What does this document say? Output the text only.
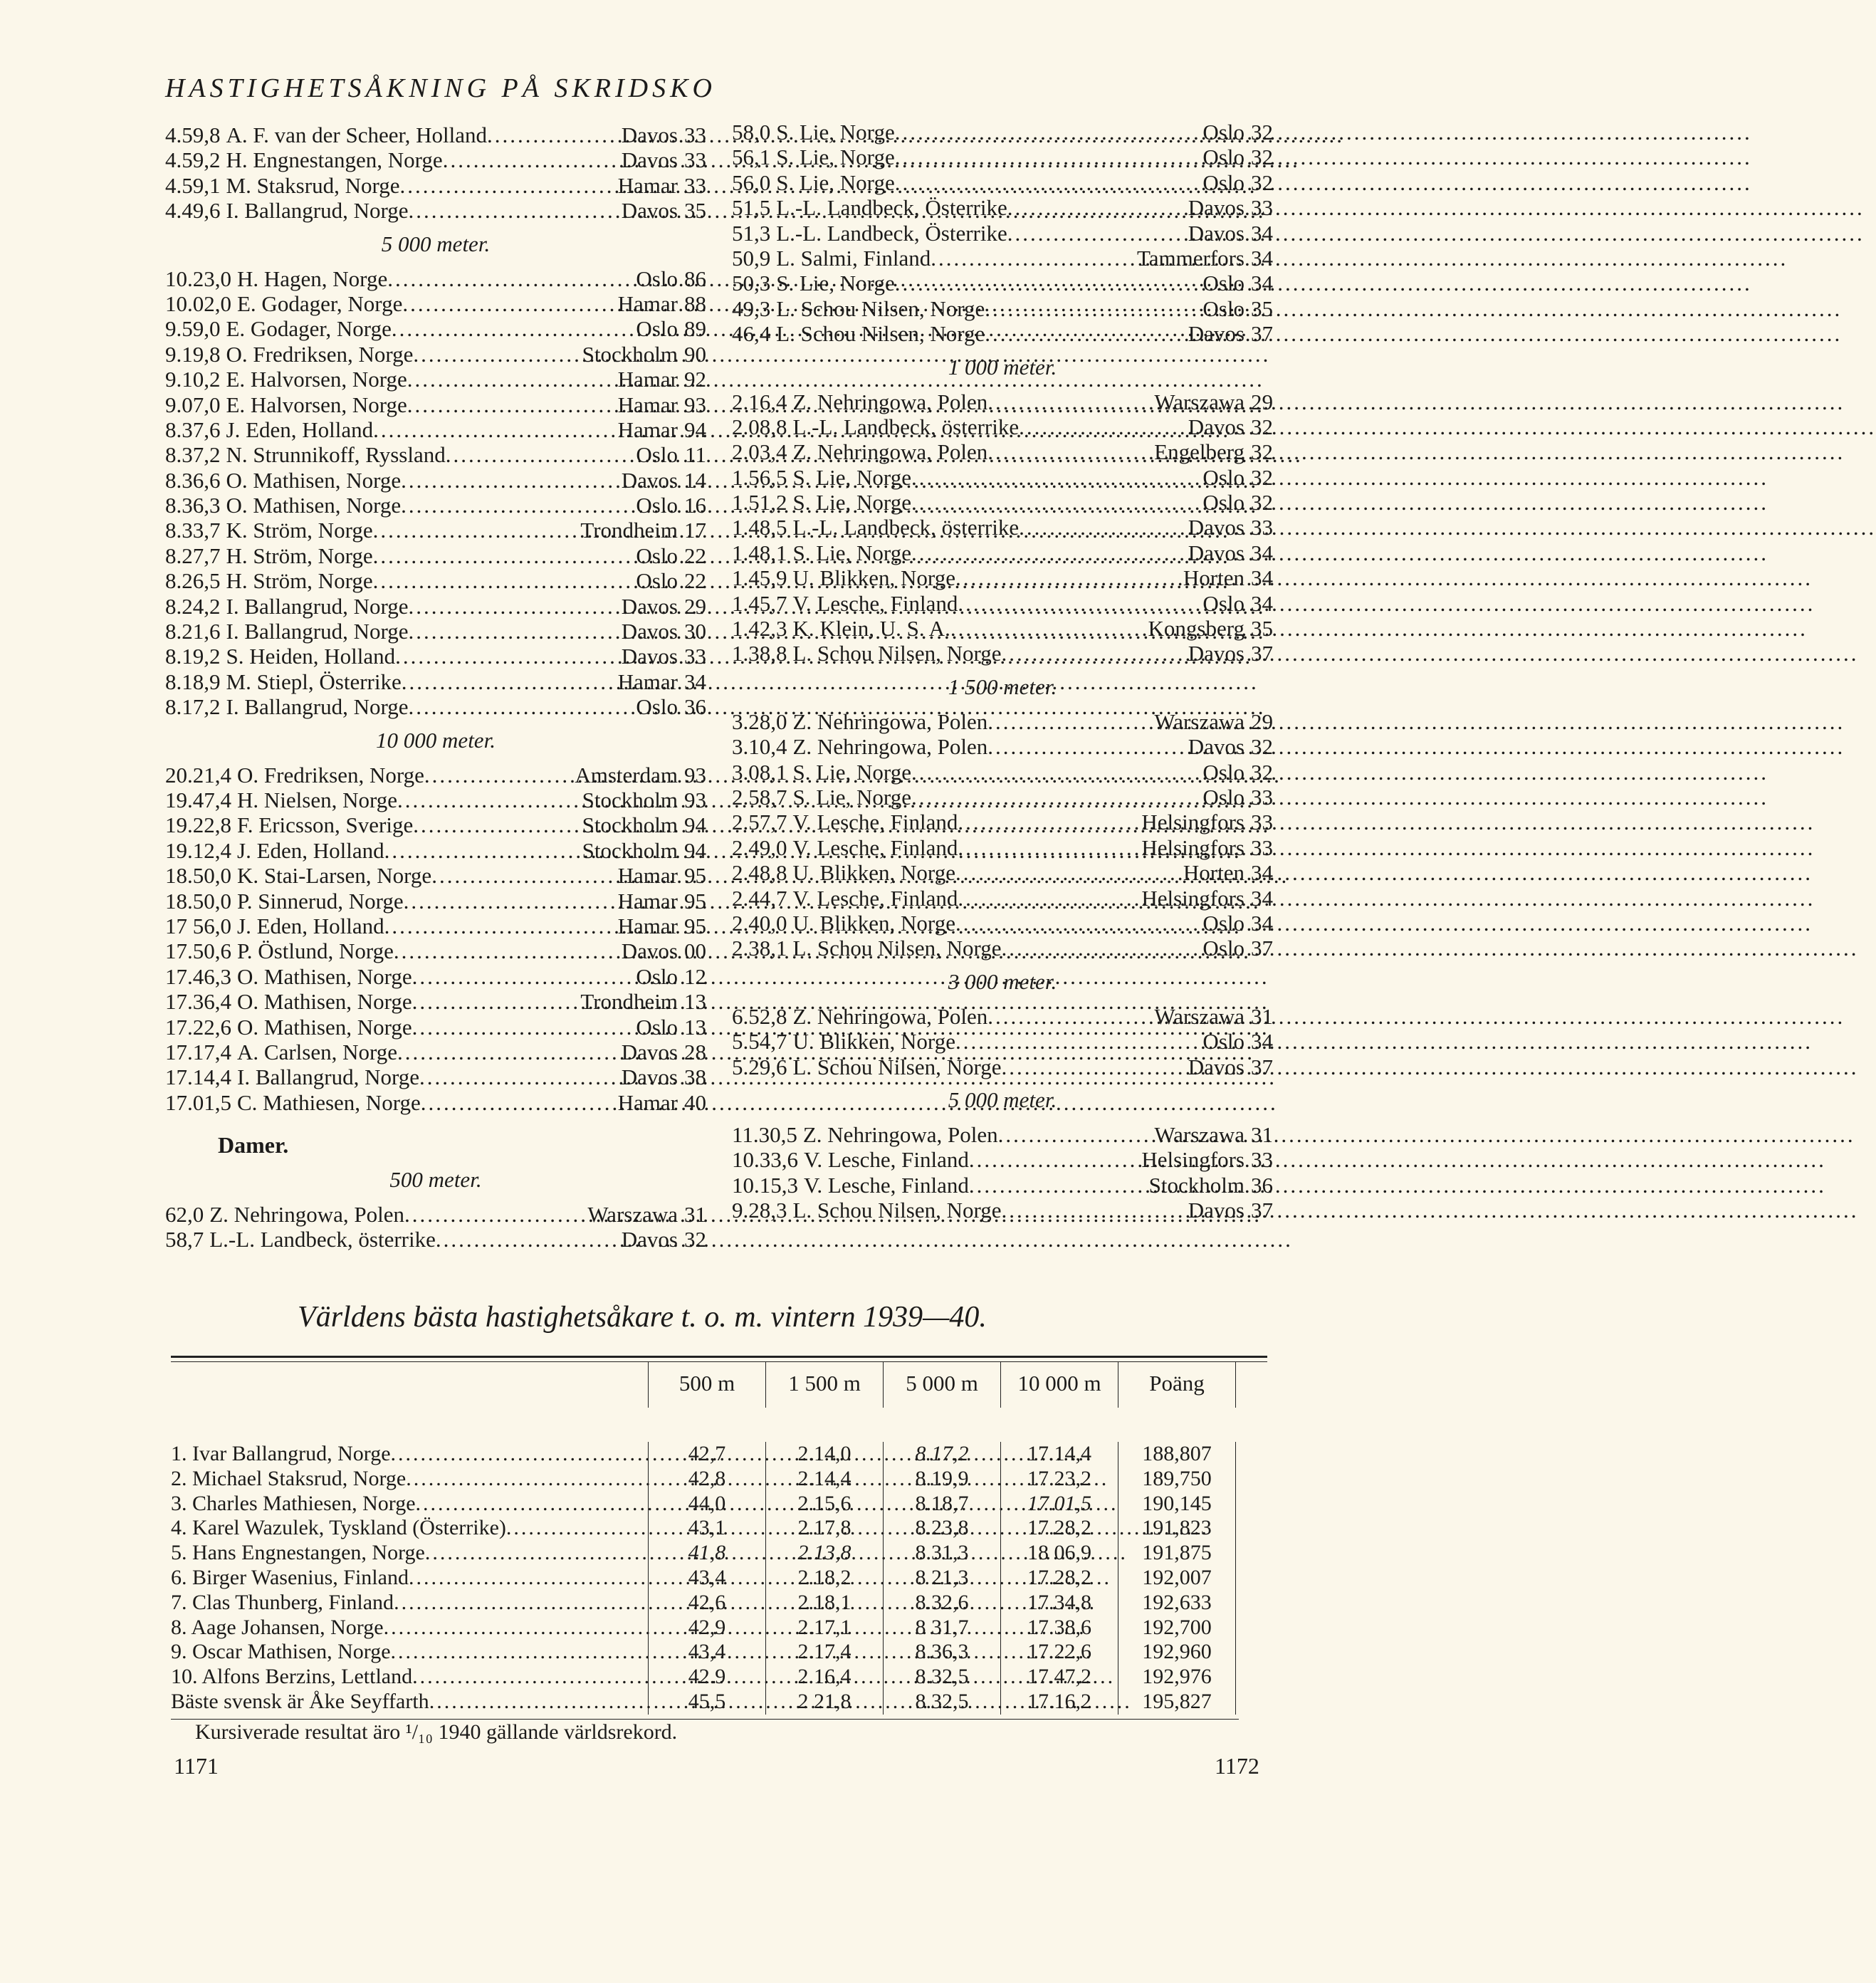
HASTIGHETSÅKNING PÅ SKRIDSKO
4.59,8 A. F. van der Scheer, Holland .....	Davos 33
4.59,2 H. Engnestangen, Norge .....	Davos 33
4.59,1 M. Staksrud, Norge .....	Hamar 33
4.49,6 I. Ballangrud, Norge .....	Davos 35
5 000 meter.
10.23,0 H. Hagen, Norge .....	Oslo 86
10.02,0 E. Godager, Norge .....	Hamar 88
9.59,0 E. Godager, Norge .....	Oslo 89
9.19,8 O. Fredriksen, Norge .....	Stockholm 90
9.10,2 E. Halvorsen, Norge .....	Hamar 92
9.07,0 E. Halvorsen, Norge .....	Hamar 93
8.37,6 J. Eden, Holland .....	Hamar 94
8.37,2 N. Strunnikoff, Ryssland .....	Oslo 11
8.36,6 O. Mathisen, Norge .....	Davos 14
8.36,3 O. Mathisen, Norge .....	Oslo 16
8.33,7 K. Ström, Norge .....	Trondheim 17
8.27,7 H. Ström, Norge .....	Oslo 22
8.26,5 H. Ström, Norge .....	Oslo 22
8.24,2 I. Ballangrud, Norge .....	Davos 29
8.21,6 I. Ballangrud, Norge .....	Davos 30
8.19,2 S. Heiden, Holland .....	Davos 33
8.18,9 M. Stiepl, Österrike .....	Hamar 34
8.17,2 I. Ballangrud, Norge .....	Oslo 36
10 000 meter.
20.21,4 O. Fredriksen, Norge .....	Amsterdam 93
19.47,4 H. Nielsen, Norge .....	Stockholm 93
19.22,8 F. Ericsson, Sverige .....	Stockholm 94
19.12,4 J. Eden, Holland .....	Stockholm 94
18.50,0 K. Stai-Larsen, Norge .....	Hamar 95
18.50,0 P. Sinnerud, Norge .....	Hamar 95
17 56,0 J. Eden, Holland .....	Hamar 95
17.50,6 P. Östlund, Norge .....	Davos 00
17.46,3 O. Mathisen, Norge .....	Oslo 12
17.36,4 O. Mathisen, Norge .....	Trondheim 13
17.22,6 O. Mathisen, Norge .....	Oslo 13
17.17,4 A. Carlsen, Norge .....	Davos 28
17.14,4 I. Ballangrud, Norge .....	Davos 38
17.01,5 C. Mathiesen, Norge .....	Hamar 40
Damer.
500 meter.
62,0 Z. Nehringowa, Polen .....	Warszawa 31
58,7 L.-L. Landbeck, österrike .....	Davos 32
58,0 S. Lie, Norge .....	Oslo 32
56,1 S. Lie, Norge .....	Oslo 32
56,0 S. Lie, Norge .....	Oslo 32
51,5 L.-L. Landbeck, Österrike .....	Davos 33
51,3 L.-L. Landbeck, Österrike .....	Davos 34
50,9 L. Salmi, Finland .....	Tammerfors 34
50,3 S. Lie, Norge .....	Oslo 34
49,3 L. Schou Nilsen, Norge .....	Oslo 35
46,4 L. Schou Nilsen, Norge .....	Davos 37
1 000 meter.
2.16,4 Z. Nehringowa, Polen .....	Warszawa 29
2.08,8 L.-L. Landbeck, österrike .....	Davos 32
2.03,4 Z. Nehringowa, Polen .....	Engelberg 32
1.56,5 S. Lie, Norge .....	Oslo 32
1.51,2 S. Lie, Norge .....	Oslo 32
1.48,5 L.-L. Landbeck, österrike .....	Davos 33
1.48,1 S. Lie, Norge .....	Davos 34
1.45,9 U. Blikken, Norge .....	Horten 34
1.45,7 V. Lesche, Finland .....	Oslo 34
1.42,3 K. Klein, U. S. A. .....	Kongsberg 35
1.38,8 L. Schou Nilsen, Norge .....	Davos 37
1 500 meter.
3.28,0 Z. Nehringowa, Polen .....	Warszawa 29
3.10,4 Z. Nehringowa, Polen .....	Davos 32
3.08,1 S. Lie, Norge .....	Oslo 32
2.58,7 S. Lie, Norge .....	Oslo 33
2.57,7 V. Lesche, Finland .....	Helsingfors 33
2.49,0 V. Lesche, Finland .....	Helsingfors 33
2.48,8 U. Blikken, Norge .....	Horten 34
2.44,7 V. Lesche, Finland .....	Helsingfors 34
2.40,0 U. Blikken, Norge .....	Oslo 34
2.38,1 L. Schou Nilsen, Norge .....	Oslo 37
3 000 meter.
6.52,8 Z. Nehringowa, Polen .....	Warszawa 31
5.54,7 U. Blikken, Norge .....	Oslo 34
5.29,6 L. Schou Nilsen, Norge .....	Davos 37
5 000 meter.
11.30,5 Z. Nehringowa, Polen .....	Warszawa 31
10.33,6 V. Lesche, Finland .....	Helsingfors 33
10.15,3 V. Lesche, Finland .....	Stockholm 36
9.28,3 L. Schou Nilsen, Norge .....	Davos 37
Världens bästa hastighetsåkare t. o. m. vintern 1939—40.
500 m	1 500 m	5 000 m	10 000 m	Poäng
1. Ivar Ballangrud, Norge .....	42,7	2.14,0	8.17,2	17.14,4	188,807
2. Michael Staksrud, Norge .....	42,8	2.14,4	8.19,9	17.23,2	189,750
3. Charles Mathiesen, Norge .....	44,0	2.15,6	8.18,7	17.01,5	190,145
4. Karel Wazulek, Tyskland (Österrike) .....	43,1	2.17,8	8.23,8	17.28,2	191,823
5. Hans Engnestangen, Norge .....	41,8	2.13,8	8.31,3	18 06,9	191,875
6. Birger Wasenius, Finland .....	43,4	2.18,2	8 21,3	17.28,2	192,007
7. Clas Thunberg, Finland .....	42,6	2.18,1	8.32,6	17.34,8	192,633
8. Aage Johansen, Norge .....	42,9	2.17,1	8 31,7	17.38,6	192,700
9. Oscar Mathisen, Norge .....	43,4	2.17,4	8.36,3	17.22,6	192,960
10. Alfons Berzins, Lettland .....	42.9	2.16,4	8.32,5	17.47,2	192,976
Bäste svensk är Åke Seyffarth .....	45,5	2 21,8	8.32,5	17.16,2	195,827
Kursiverade resultat äro ¹/₁₀ 1940 gällande världsrekord.
1171	1172
